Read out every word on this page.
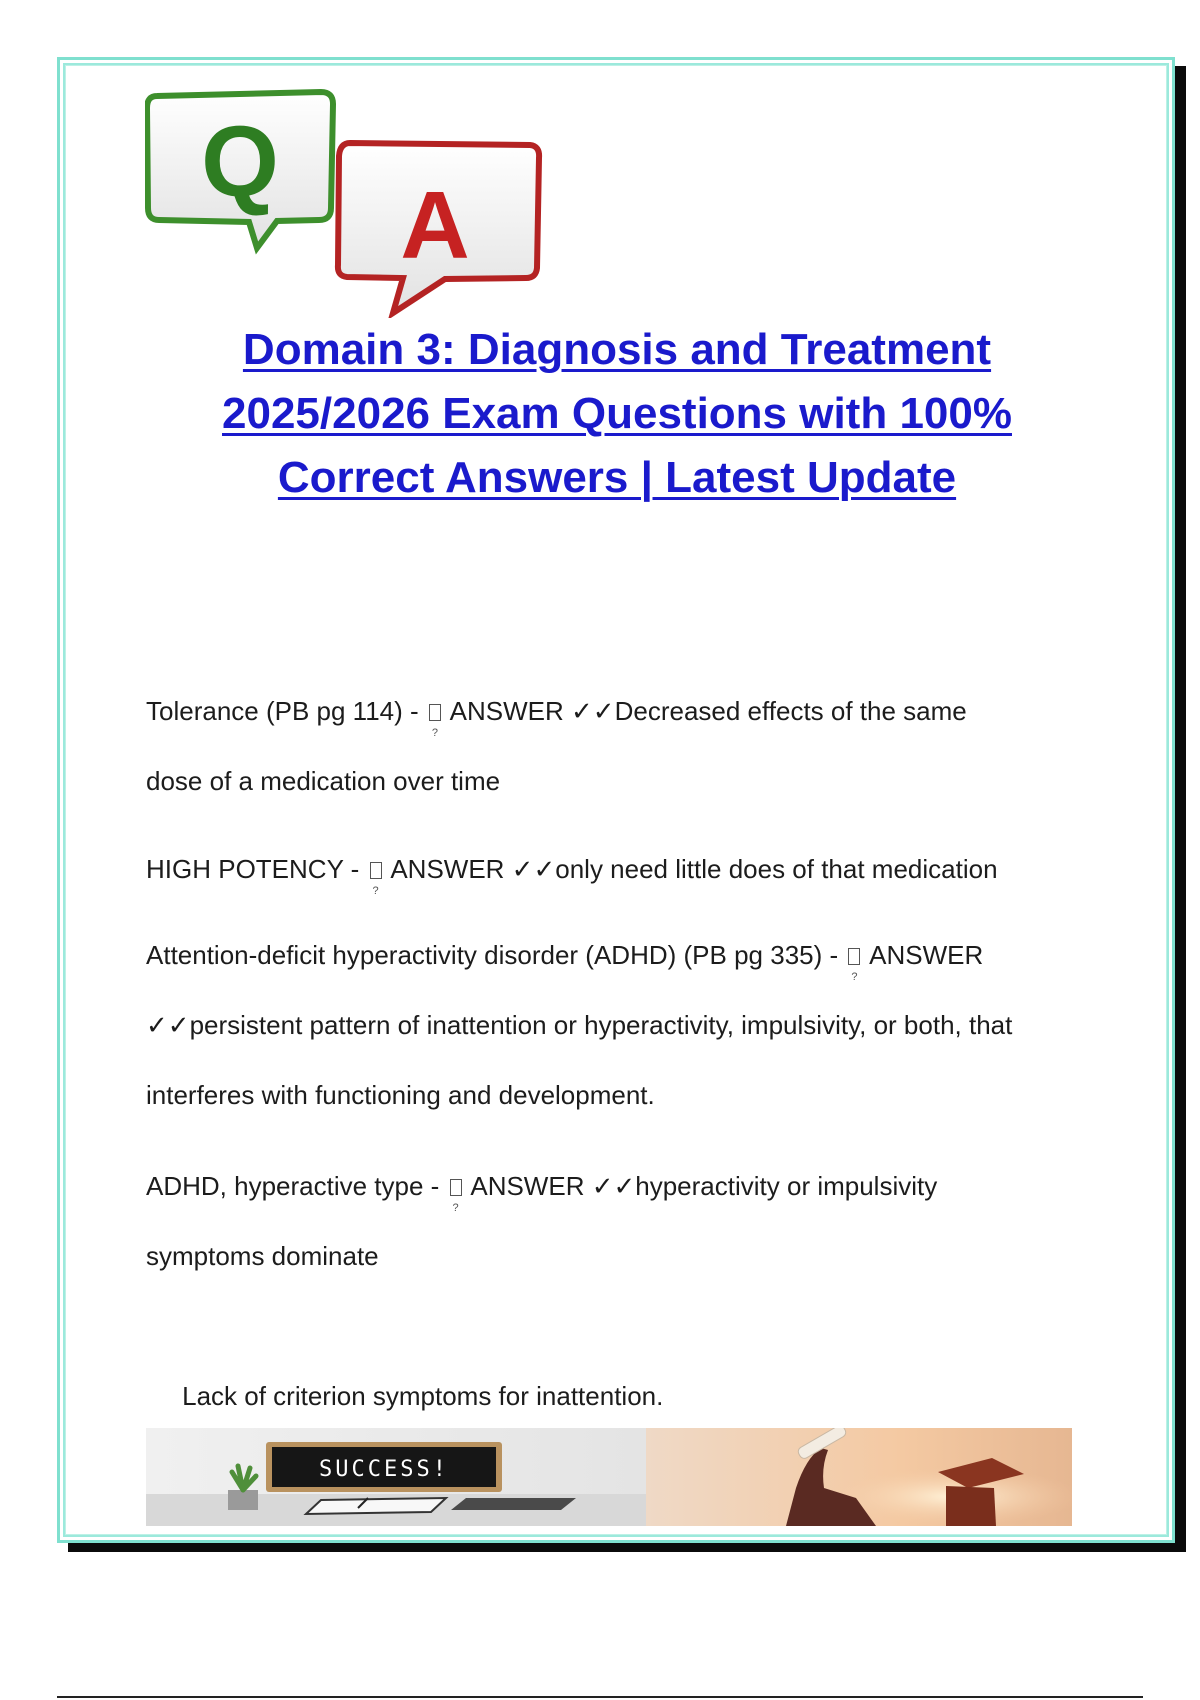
A
Q
Domain 3: Diagnosis and Treatment
2025/2026 Exam Questions with 100%
Correct Answers | Latest Update
Tolerance (PB pg 114) - ? ANSWER ✓✓Decreased effects of the same
dose of a medication over time
HIGH POTENCY - ? ANSWER ✓✓only need little does of that medication
Attention-deficit hyperactivity disorder (ADHD) (PB pg 335) - ? ANSWER
✓✓persistent pattern of inattention or hyperactivity, impulsivity, or both, that
interferes with functioning and development.
ADHD, hyperactive type - ? ANSWER ✓✓hyperactivity or impulsivity
symptoms dominate

Lack of criterion symptoms for inattention.

SUCCESS!
